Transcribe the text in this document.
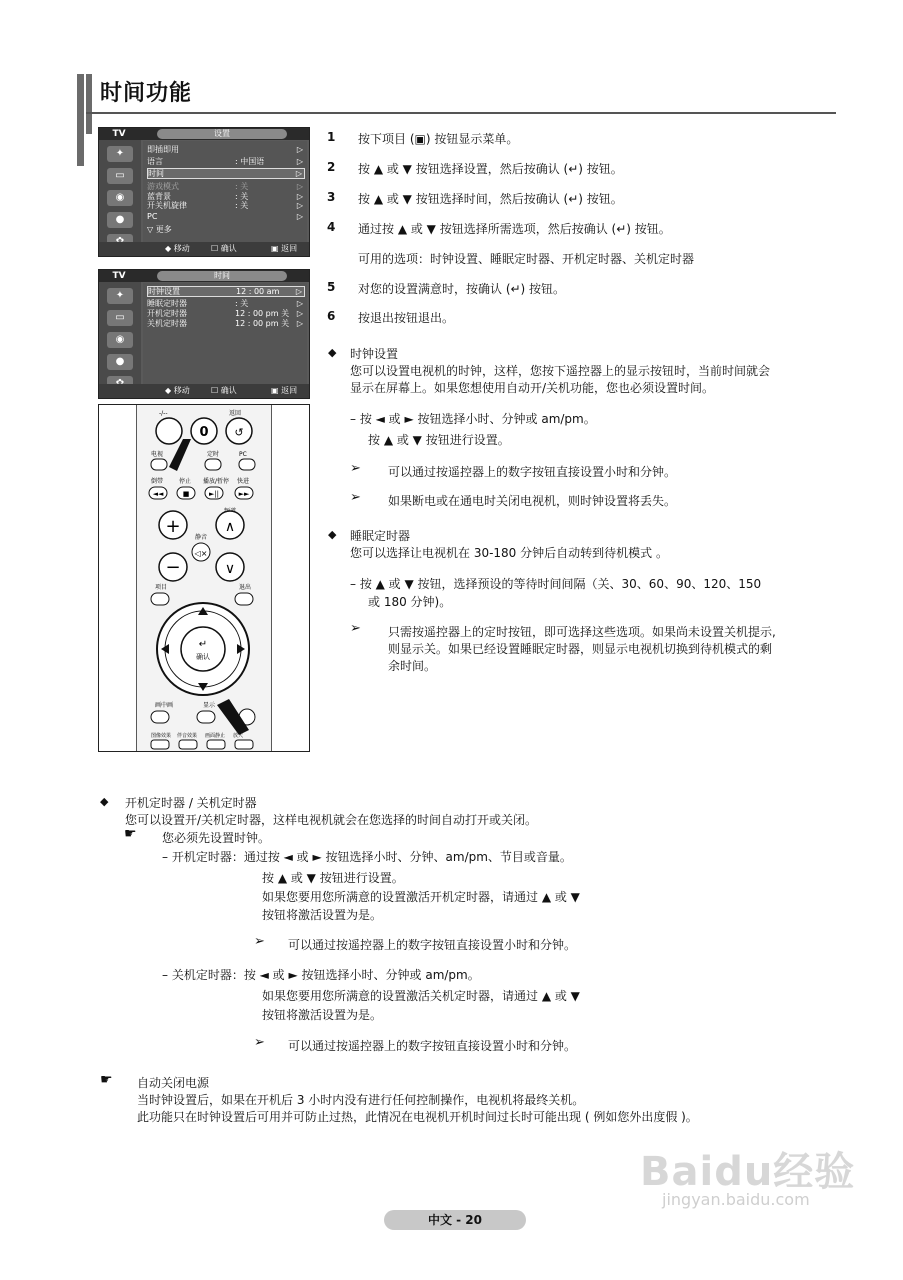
时间功能
TV	设置
✦
▭
◉
●
即插即用	▷
语言	: 中国语	▷
时间	▷
游戏模式	: 关	▷
蓝背景	: 关	▷
开关机旋律	: 关	▷
PC	▷
▽ 更多
◆ 移动	☐ 确认	▣ 返回
TV	时间
✦
▭
◉
●
时钟设置	12 : 00 am ▷
睡眠定时器	: 关	▷
开机定时器	12 : 00 pm 关 ▷
关机定时器	12 : 00 pm 关 ▷
◆ 移动	☐ 确认	▣ 返回
0 ↺
-/--	返回
电视	定时	PC
倒带	停止 播放/暂停 快进
◄◄	■	►||	►►
+	∧
静音
◁×
−	∨
项目	退出
↵
确认
画中画	显示
图像效果 伴音效果 画面静止 放大
1 按下项目 (▣) 按钮显示菜单。
2 按 ▲ 或 ▼ 按钮选择设置，然后按确认 (↵) 按钮。
3 按 ▲ 或 ▼ 按钮选择时间，然后按确认 (↵) 按钮。
4 通过按 ▲ 或 ▼ 按钮选择所需选项，然后按确认 (↵) 按钮。
可用的选项：时钟设置、睡眠定时器、开机定时器、关机定时器
5 对您的设置满意时，按确认 (↵) 按钮。
6 按退出按钮退出。
◆ 时钟设置
您可以设置电视机的时钟，这样，您按下遥控器上的显示按钮时，当前时间就会
显示在屏幕上。如果您想使用自动开/关机功能，您也必须设置时间。
– 按 ◄ 或 ► 按钮选择小时、分钟或 am/pm。
按 ▲ 或 ▼ 按钮进行设置。
➢ 可以通过按遥控器上的数字按钮直接设置小时和分钟。
➢ 如果断电或在通电时关闭电视机，则时钟设置将丢失。
◆ 睡眠定时器
您可以选择让电视机在 30-180 分钟后自动转到待机模式 。
– 按 ▲ 或 ▼ 按钮，选择预设的等待时间间隔（关、30、60、90、120、150
或 180 分钟)。
➢ 只需按遥控器上的定时按钮，即可选择这些选项。如果尚未设置关机提示,
则显示关。如果已经设置睡眠定时器，则显示电视机切换到待机模式的剩
余时间。
◆ 开机定时器 / 关机定时器
您可以设置开/关机定时器，这样电视机就会在您选择的时间自动打开或关闭。
☛ 您必须先设置时钟。
– 开机定时器：通过按 ◄ 或 ► 按钮选择小时、分钟、am/pm、节目或音量。
按 ▲ 或 ▼ 按钮进行设置。
如果您要用您所满意的设置激活开机定时器，请通过 ▲ 或 ▼
按钮将激活设置为是。
➢ 可以通过按遥控器上的数字按钮直接设置小时和分钟。
– 关机定时器：按 ◄ 或 ► 按钮选择小时、分钟或 am/pm。
如果您要用您所满意的设置激活关机定时器，请通过 ▲ 或 ▼
按钮将激活设置为是。
➢ 可以通过按遥控器上的数字按钮直接设置小时和分钟。
☛ 自动关闭电源
当时钟设置后，如果在开机后 3 小时内没有进行任何控制操作，电视机将最终关机。
此功能只在时钟设置后可用并可防止过热，此情况在电视机开机时间过长时可能出现 ( 例如您外出度假 )。
Baidu经验
jingyan.baidu.com
中文 - 20
